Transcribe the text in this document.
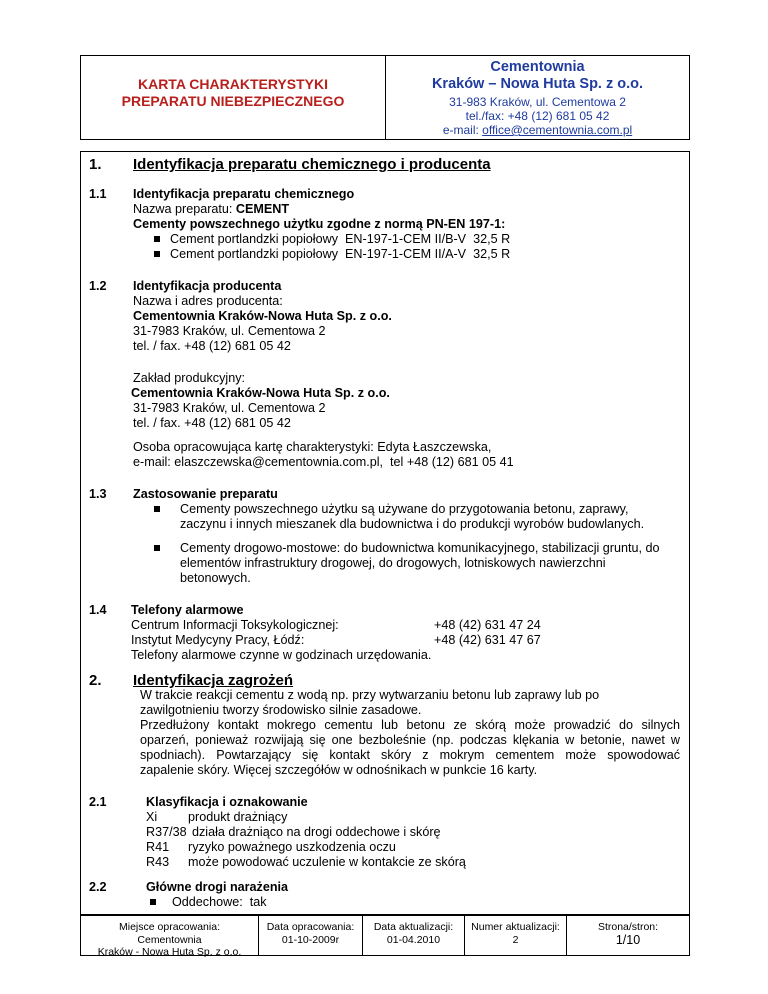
KARTA CHARAKTERYSTYKI
PREPARATU NIEBEZPIECZNEGO
Cementownia
Kraków – Nowa Huta Sp. z o.o.
31-983 Kraków, ul. Cementowa 2
tel./fax: +48 (12) 681 05 42
e-mail: office@cementownia.com.pl
1. Identyfikacja preparatu chemicznego i producenta
1.1 Identyfikacja preparatu chemicznego
Nazwa preparatu: CEMENT
Cementy powszechnego użytku zgodne z normą PN-EN 197-1:
Cement portlandzki popiołowy  EN-197-1-CEM II/B-V  32,5 R
Cement portlandzki popiołowy  EN-197-1-CEM II/A-V  32,5 R
1.2 Identyfikacja producenta
Nazwa i adres producenta:
Cementownia Kraków-Nowa Huta Sp. z o.o.
31-7983 Kraków, ul. Cementowa 2
tel. / fax. +48 (12) 681 05 42
Zakład produkcyjny:
Cementownia Kraków-Nowa Huta Sp. z o.o.
31-7983 Kraków, ul. Cementowa 2
tel. / fax. +48 (12) 681 05 42
Osoba opracowująca kartę charakterystyki: Edyta Łaszczewska,
e-mail: elaszczewska@cementownia.com.pl,  tel +48 (12) 681 05 41
1.3 Zastosowanie preparatu
Cementy powszechnego użytku są używane do przygotowania betonu, zaprawy,
zaczynu i innych mieszanek dla budownictwa i do produkcji wyrobów budowlanych.
Cementy drogowo-mostowe: do budownictwa komunikacyjnego, stabilizacji gruntu, do
elementów infrastruktury drogowej, do drogowych, lotniskowych nawierzchni
betonowych.
1.4 Telefony alarmowe
Centrum Informacji Toksykologicznej:	+48 (42) 631 47 24
Instytut Medycyny Pracy, Łódź:	+48 (42) 631 47 67
Telefony alarmowe czynne w godzinach urzędowania.
2. Identyfikacja zagrożeń
W trakcie reakcji cementu z wodą np. przy wytwarzaniu betonu lub zaprawy lub po
zawilgotnieniu tworzy środowisko silnie zasadowe.
Przedłużony kontakt mokrego cementu lub betonu ze skórą może prowadzić do silnych
oparzeń, ponieważ rozwijają się one bezboleśnie (np. podczas klękania w betonie, nawet w
spodniach). Powtarzający się kontakt skóry z mokrym cementem może spowodować
zapalenie skóry. Więcej szczegółów w odnośnikach w punkcie 16 karty.
2.1	Klasyfikacja i oznakowanie
Xi produkt drażniący
R37/38 działa drażniąco na drogi oddechowe i skórę
R41 ryzyko poważnego uszkodzenia oczu
R43 może powodować uczulenie w kontakcie ze skórą
2.2	Główne drogi narażenia
Oddechowe:  tak
Miejsce opracowania:
Cementownia
Kraków - Nowa Huta Sp. z o.o.
Data opracowania:
01-10-2009r
Data aktualizacji:
01-04.2010
Numer aktualizacji:
2
Strona/stron:
1/10
